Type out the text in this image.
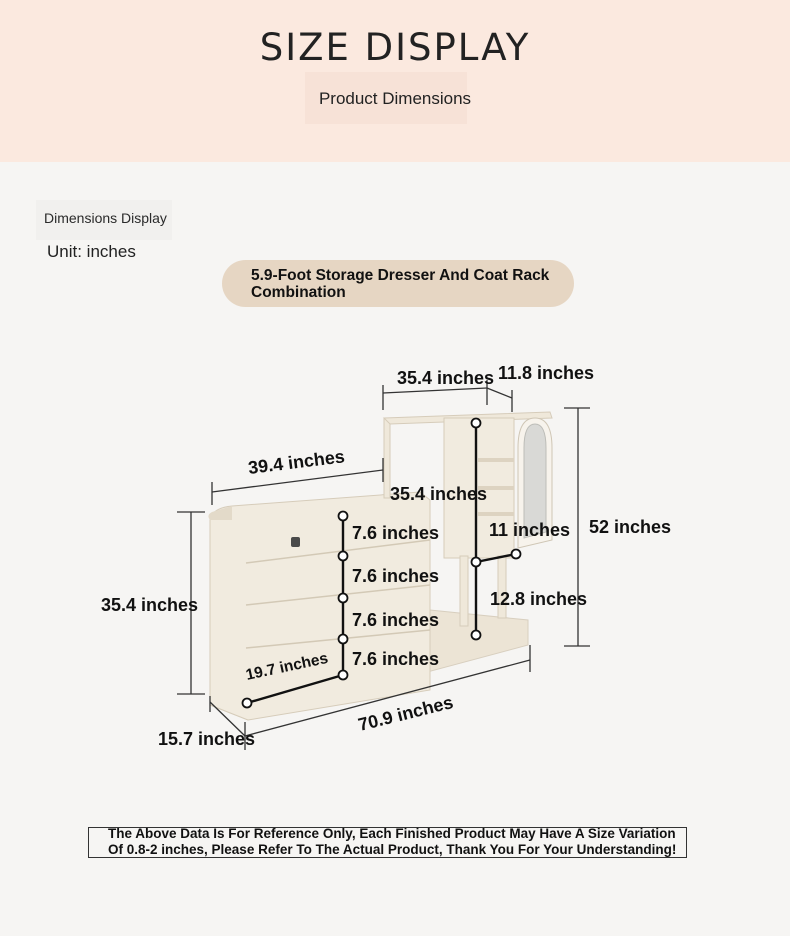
SIZE DISPLAY
Product Dimensions
Dimensions Display
Unit: inches
5.9-Foot Storage Dresser And Coat Rack Combination
35.4 inches 11.8 inches
39.4 inches
35.4 inches
52 inches
35.4 inches
7.6 inches
7.6 inches
7.6 inches
7.6 inches
11 inches
12.8 inches
19.7 inches
70.9 inches
15.7 inches
The Above Data Is For Reference Only, Each Finished Product May Have A Size Variation Of 0.8-2 inches, Please Refer To The Actual Product, Thank You For Your Understanding!
